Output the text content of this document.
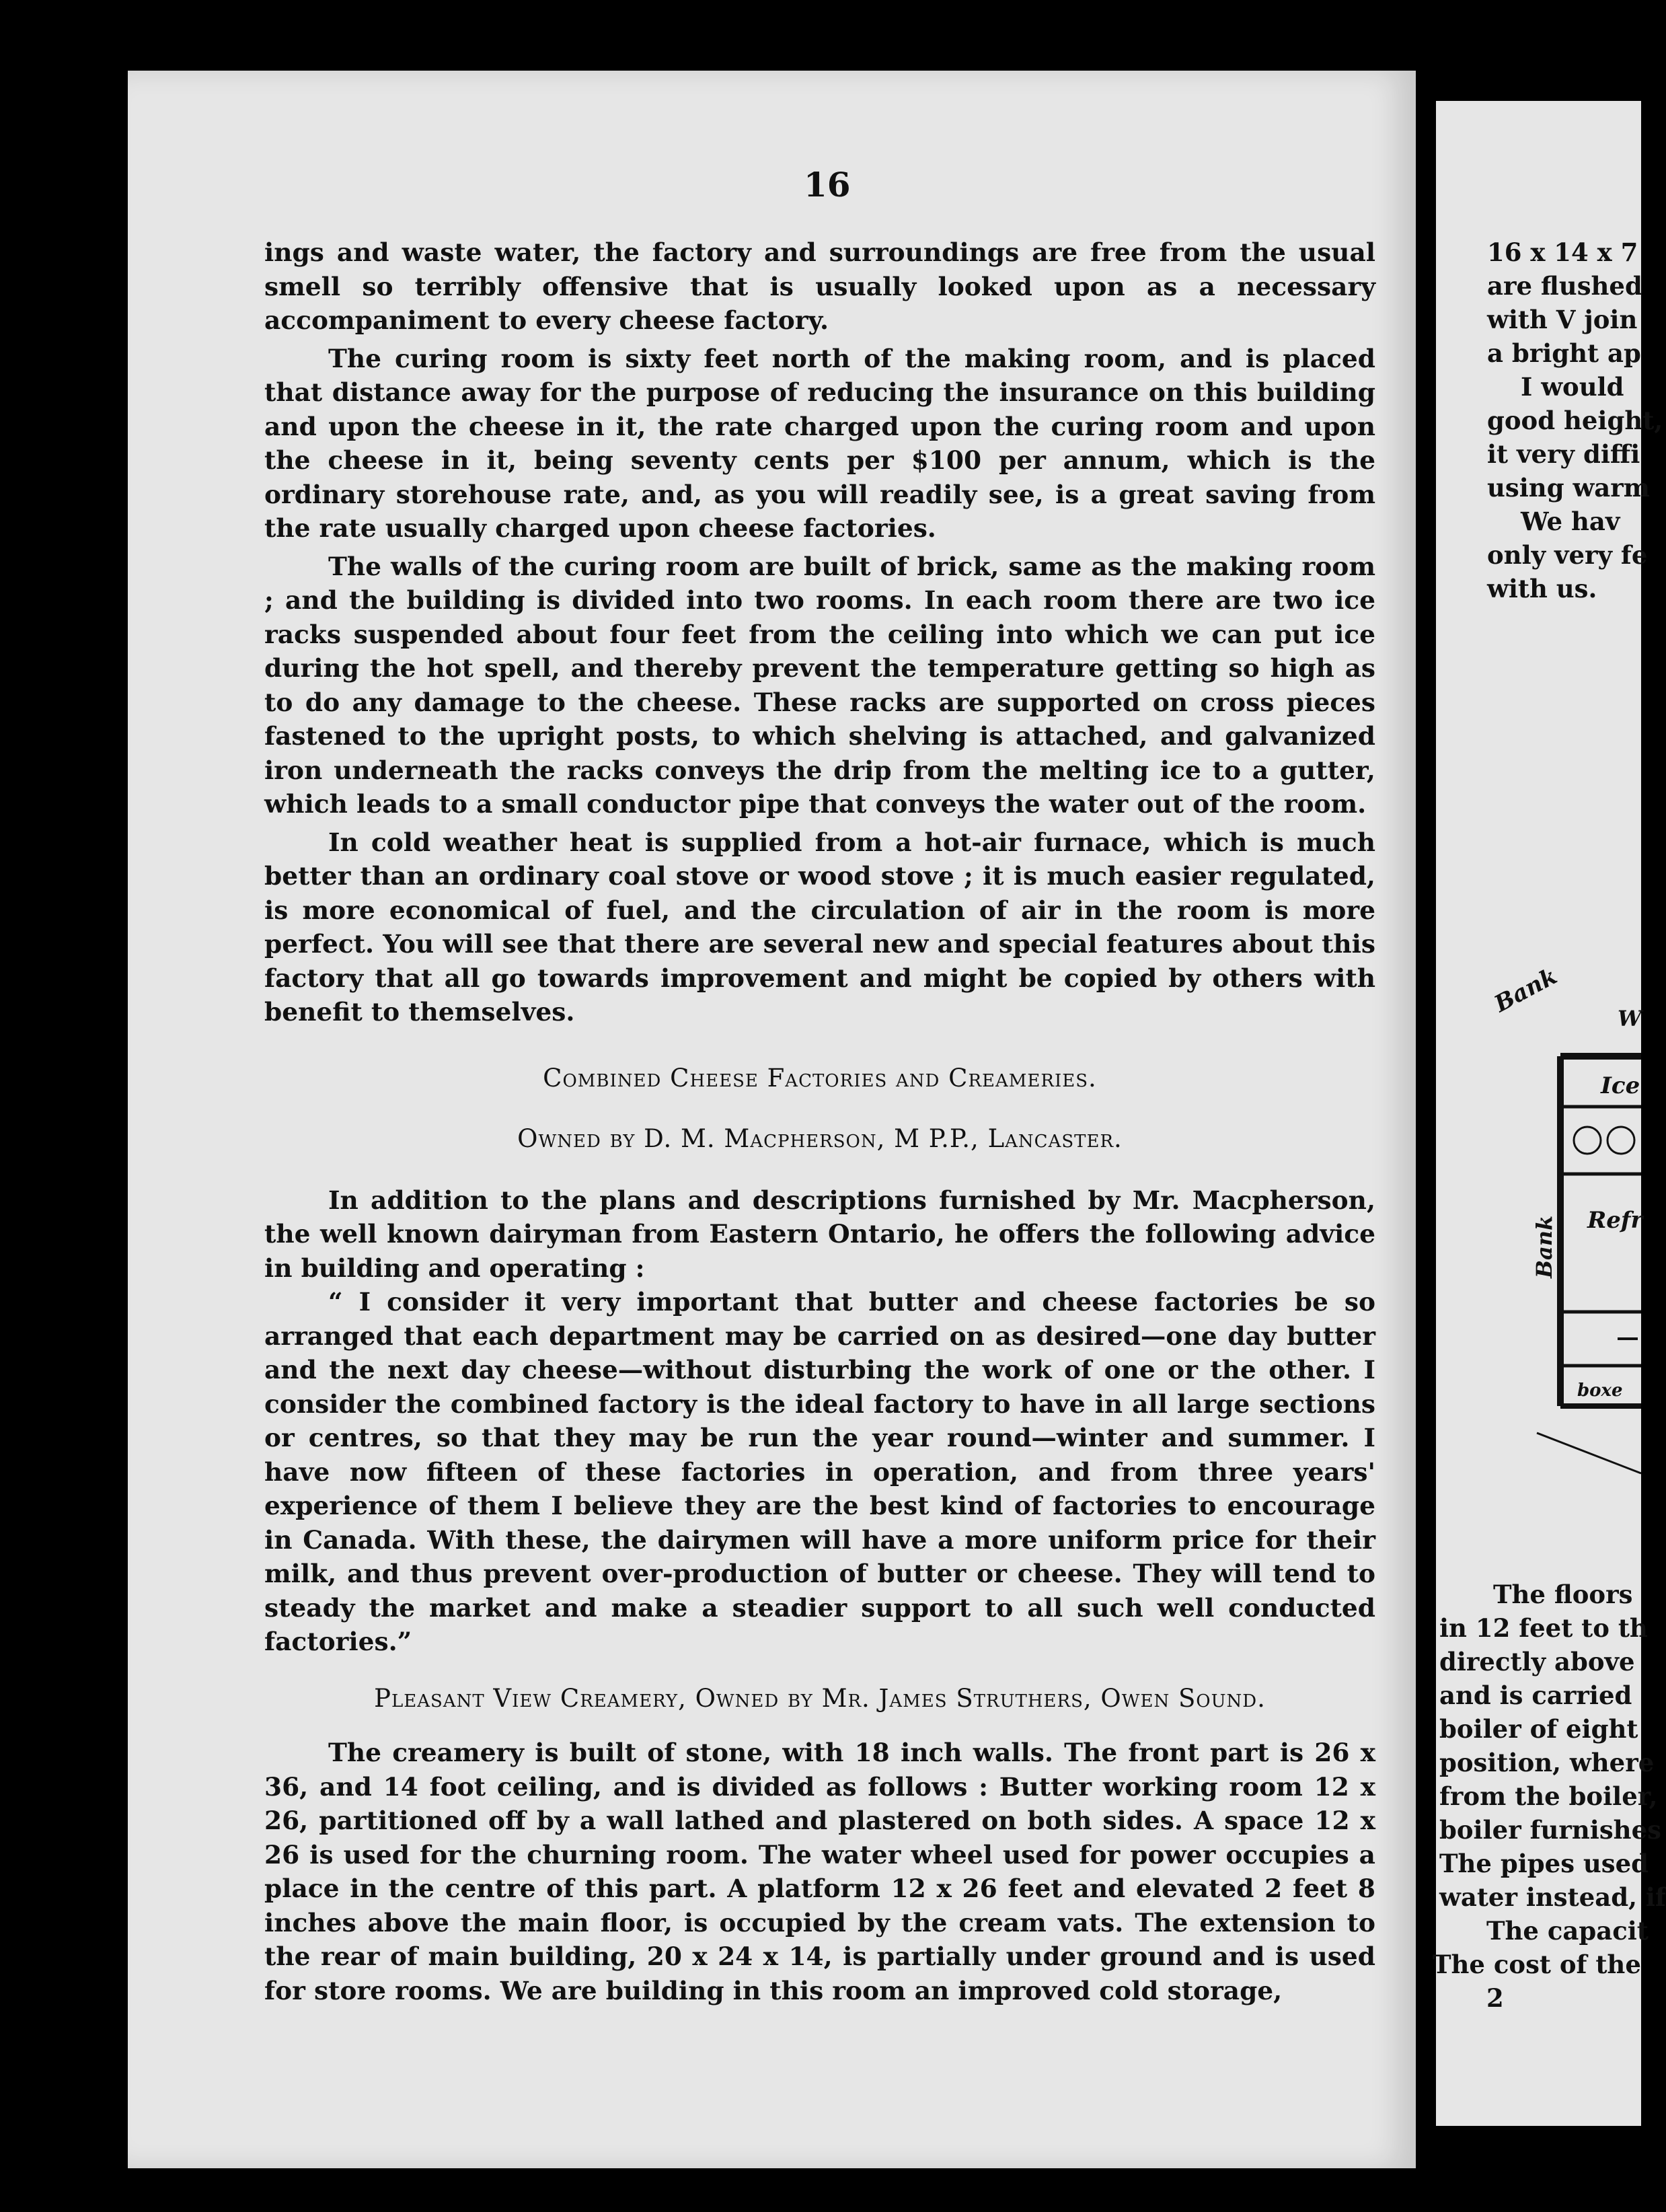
16

ings and waste water, the factory and surroundings are free from the usual smell so terribly offensive that is usually looked upon as a necessary accompaniment to every cheese factory.

The curing room is sixty feet north of the making room, and is placed that distance away for the purpose of reducing the insurance on this building and upon the cheese in it, the rate charged upon the curing room and upon the cheese in it, being seventy cents per $100 per annum, which is the ordinary storehouse rate, and, as you will readily see, is a great saving from the rate usually charged upon cheese factories.

The walls of the curing room are built of brick, same as the making room ; and the building is divided into two rooms. In each room there are two ice racks suspended about four feet from the ceiling into which we can put ice during the hot spell, and thereby prevent the temperature getting so high as to do any damage to the cheese. These racks are supported on cross pieces fastened to the upright posts, to which shelving is attached, and galvanized iron underneath the racks conveys the drip from the melting ice to a gutter, which leads to a small conductor pipe that conveys the water out of the room.

In cold weather heat is supplied from a hot-air furnace, which is much better than an ordinary coal stove or wood stove ; it is much easier regulated, is more economical of fuel, and the circulation of air in the room is more perfect. You will see that there are several new and special features about this factory that all go towards improvement and might be copied by others with benefit to themselves.

Combined Cheese Factories and Creameries.

Owned by D. M. Macpherson, M P.P., Lancaster.

In addition to the plans and descriptions furnished by Mr. Macpherson, the well known dairyman from Eastern Ontario, he offers the following advice in building and operating :

“ I consider it very important that butter and cheese factories be so arranged that each department may be carried on as desired—one day butter and the next day cheese—without disturbing the work of one or the other. I consider the combined factory is the ideal factory to have in all large sections or centres, so that they may be run the year round—winter and summer. I have now fifteen of these factories in operation, and from three years' experience of them I believe they are the best kind of factories to encourage in Canada. With these, the dairymen will have a more uniform price for their milk, and thus prevent over-production of butter or cheese. They will tend to steady the market and make a steadier support to all such well conducted factories.”

Pleasant View Creamery, Owned by Mr. James Struthers, Owen Sound.

The creamery is built of stone, with 18 inch walls. The front part is 26 x 36, and 14 foot ceiling, and is divided as follows : Butter working room 12 x 26, partitioned off by a wall lathed and plastered on both sides. A space 12 x 26 is used for the churning room. The water wheel used for power occupies a place in the centre of this part. A platform 12 x 26 feet and elevated 2 feet 8 inches above the main floor, is occupied by the cream vats. The extension to the rear of main building, 20 x 24 x 14, is partially under ground and is used for store rooms. We are building in this room an improved cold storage,

16 x 14 x 7

are flushed

with V join

a bright ap

I would

good height,

it very diffi

using warm

We hav

only very fe

with us.

Bank
W
Ice
Refr
Bank
boxe

The floors

in 12 feet to th

directly above

and is carried

boiler of eight

position, where

from the boiler,

boiler furnishes

The pipes used

water instead, if

The capacit

The cost of the

2
